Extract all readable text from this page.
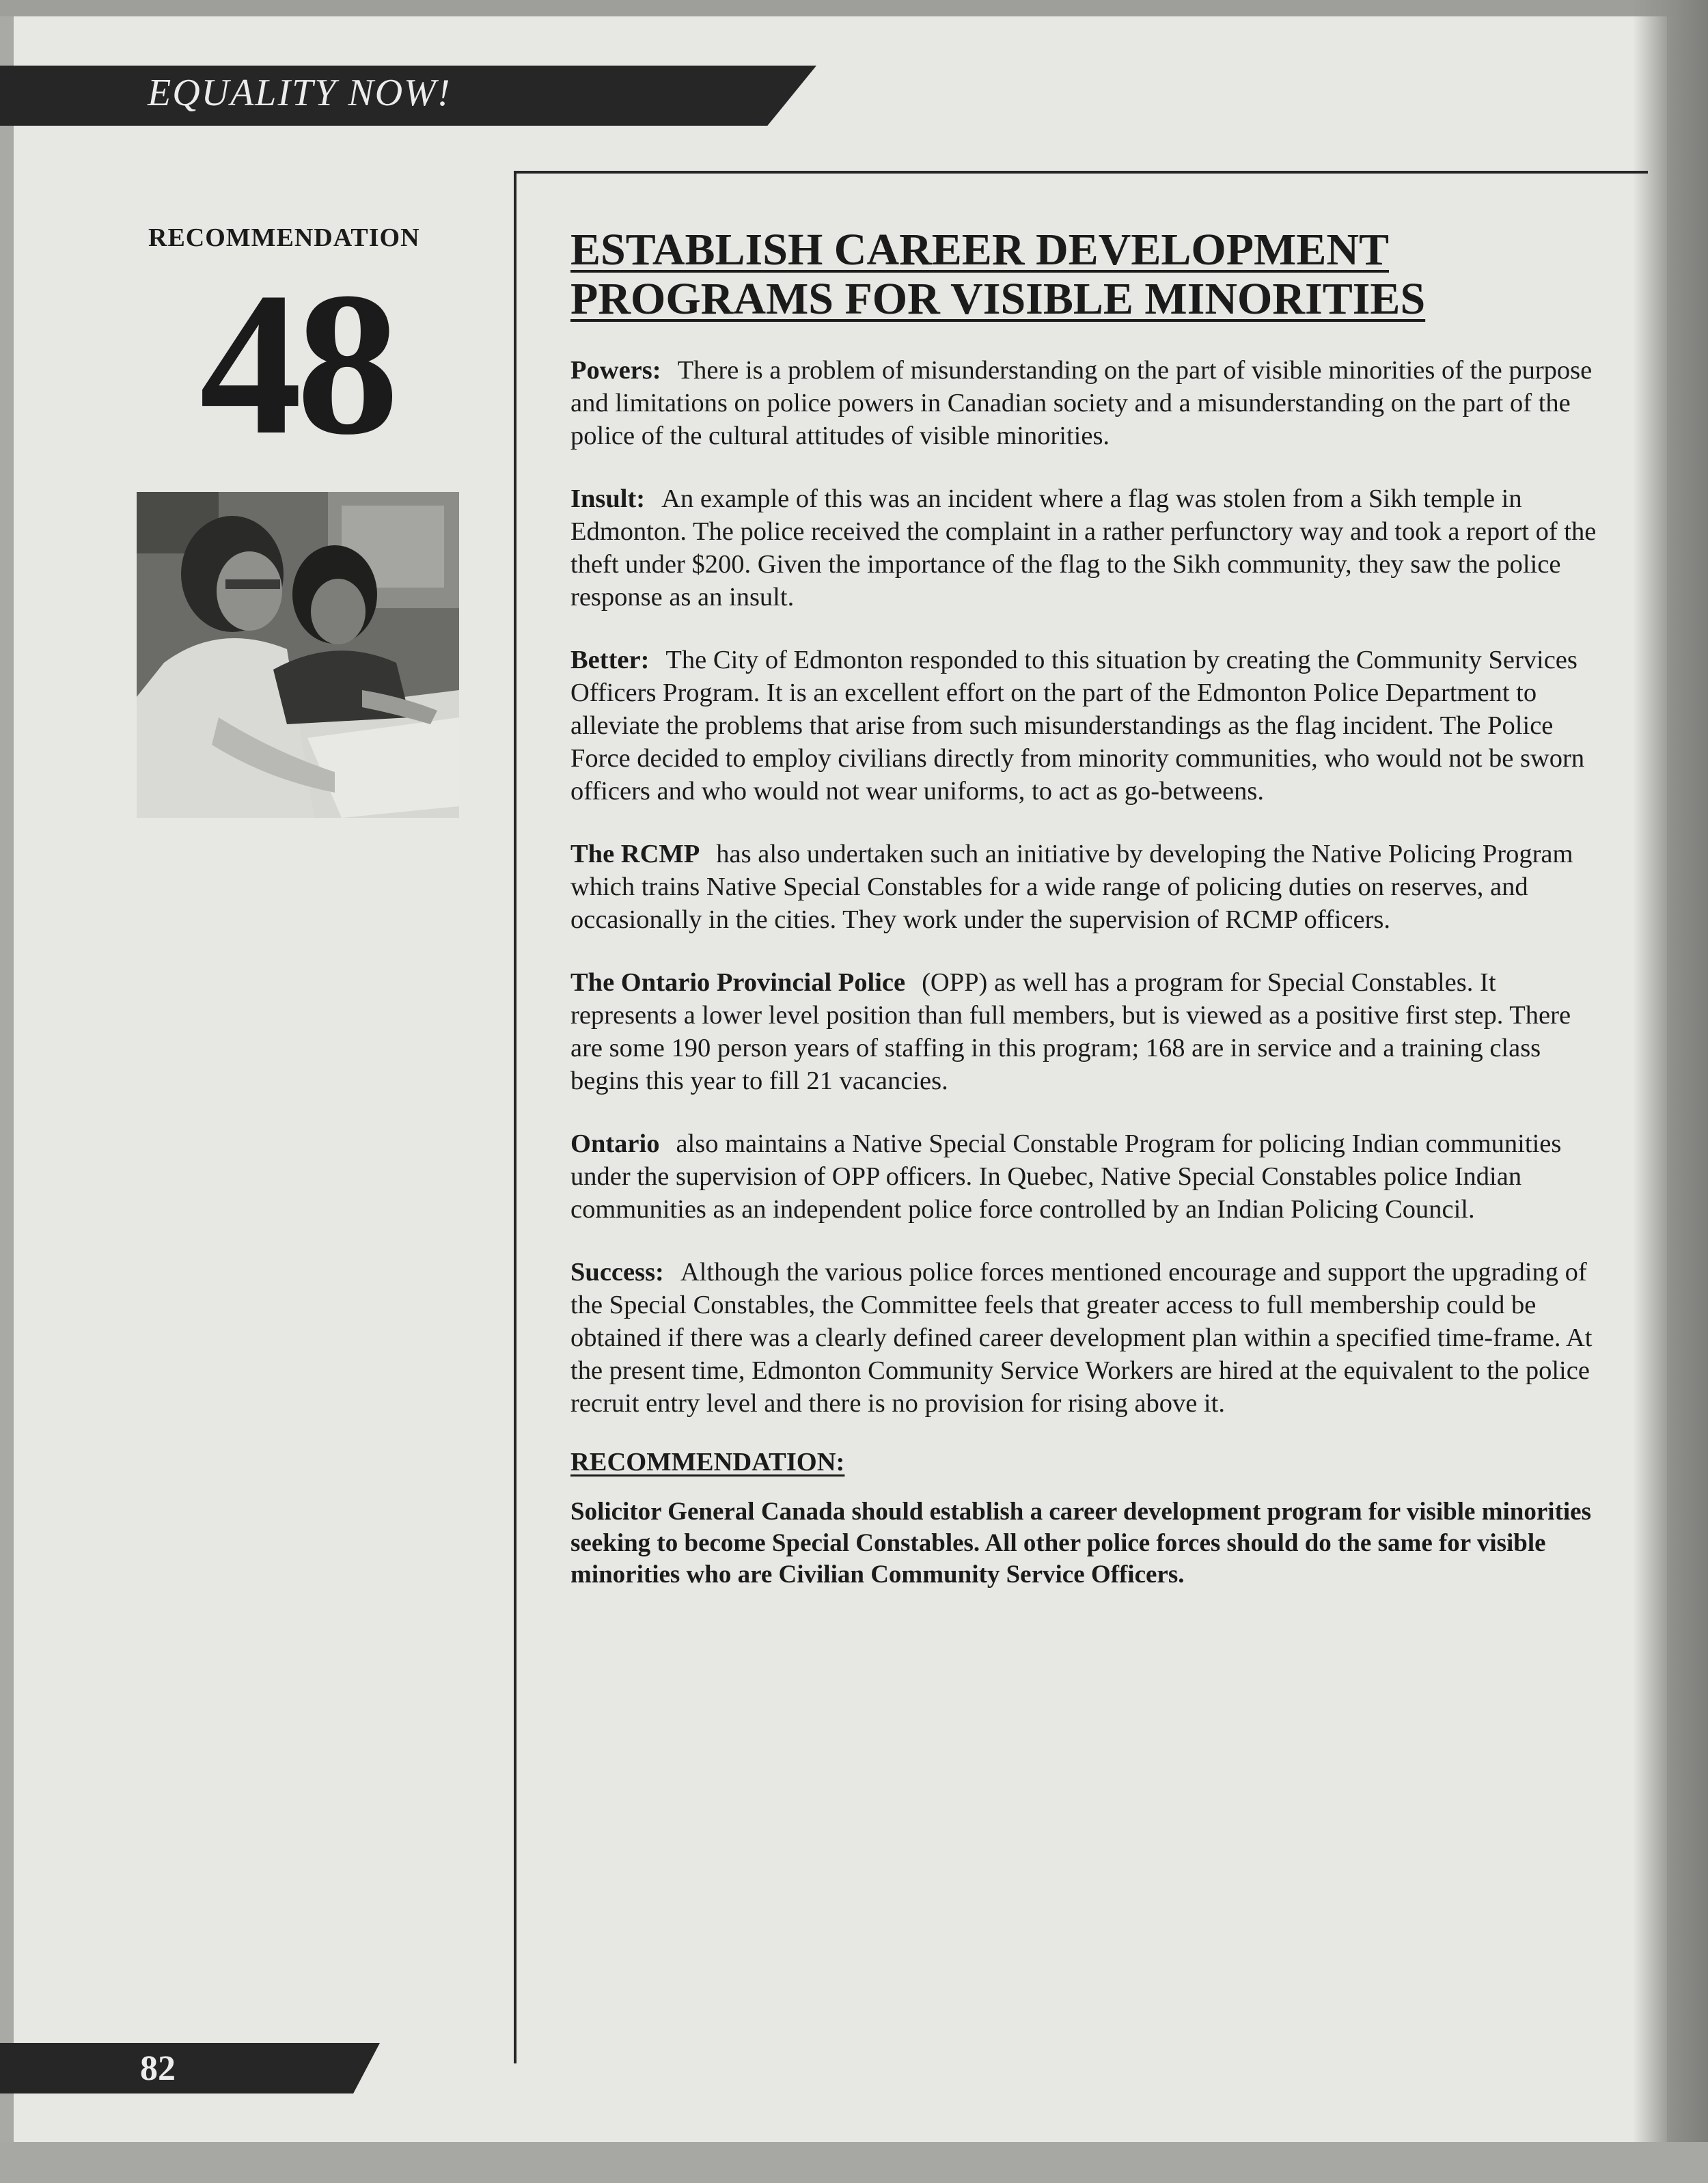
EQUALITY NOW!
RECOMMENDATION
48
ESTABLISH CAREER DEVELOPMENT
PROGRAMS FOR VISIBLE MINORITIES

Powers: There is a problem of misunderstanding on the part of visible minorities of the purpose and limitations on police powers in Canadian society and a misunderstanding on the part of the police of the cultural attitudes of visible minorities.

Insult: An example of this was an incident where a flag was stolen from a Sikh temple in Edmonton. The police received the complaint in a rather perfunctory way and took a report of the theft under $200. Given the importance of the flag to the Sikh community, they saw the police response as an insult.

Better: The City of Edmonton responded to this situation by creating the Community Services Officers Program. It is an excellent effort on the part of the Edmonton Police Department to alleviate the problems that arise from such misunderstandings as the flag incident. The Police Force decided to employ civilians directly from minority communities, who would not be sworn officers and who would not wear uniforms, to act as go-betweens.

The RCMP has also undertaken such an initiative by developing the Native Policing Program which trains Native Special Constables for a wide range of policing duties on reserves, and occasionally in the cities. They work under the supervision of RCMP officers.

The Ontario Provincial Police (OPP) as well has a program for Special Constables. It represents a lower level position than full members, but is viewed as a positive first step. There are some 190 person years of staffing in this program; 168 are in service and a training class begins this year to fill 21 vacancies.

Ontario also maintains a Native Special Constable Program for policing Indian communities under the supervision of OPP officers. In Quebec, Native Special Constables police Indian communities as an independent police force controlled by an Indian Policing Council.

Success: Although the various police forces mentioned encourage and support the upgrading of the Special Constables, the Committee feels that greater access to full membership could be obtained if there was a clearly defined career development plan within a specified time-frame. At the present time, Edmonton Community Service Workers are hired at the equivalent to the police recruit entry level and there is no provision for rising above it.

RECOMMENDATION:

Solicitor General Canada should establish a career development program for visible minorities seeking to become Special Constables. All other police forces should do the same for visible minorities who are Civilian Community Service Officers.

82
